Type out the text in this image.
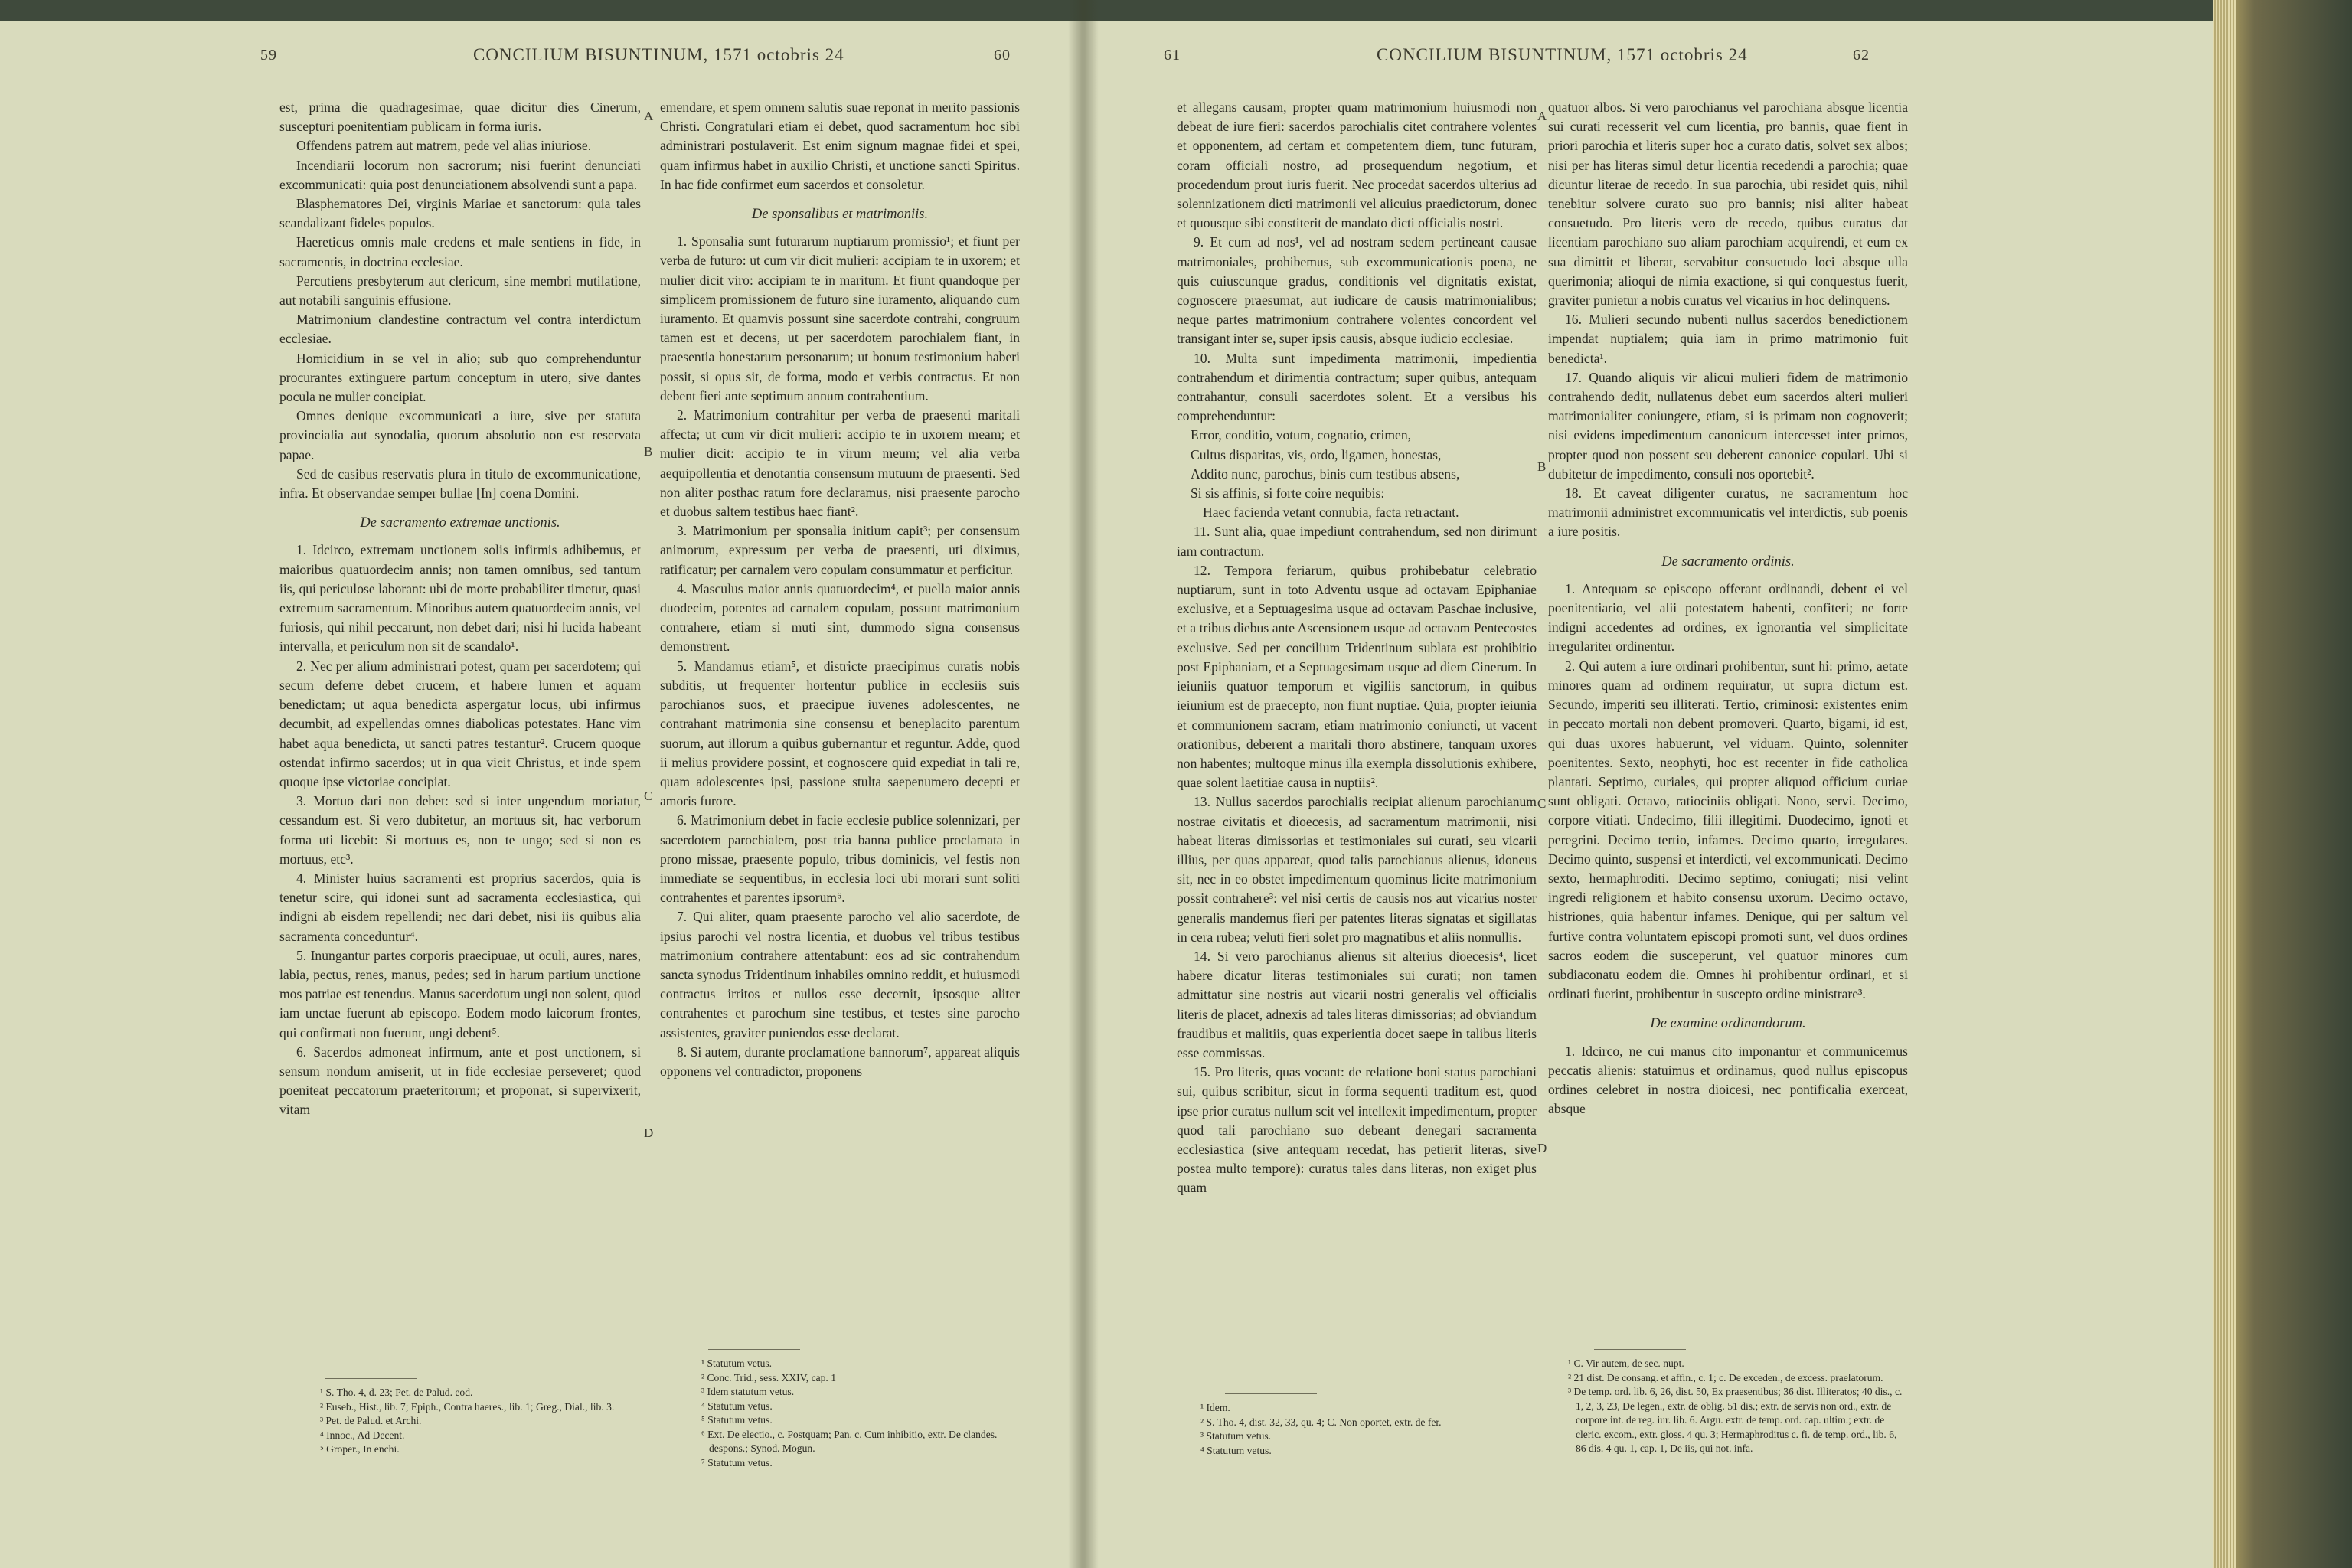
59	CONCILIUM BISUNTINUM, 1571 octobris 24	60	61	CONCILIUM BISUNTINUM, 1571 octobris 24	62

est, prima die quadragesimae, quae dicitur dies Cinerum, suscepturi poenitentiam publicam in forma iuris.

Offendens patrem aut matrem, pede vel alias iniuriose.

Incendiarii locorum non sacrorum; nisi fuerint denunciati excommunicati: quia post denunciationem absolvendi sunt a papa.

Blasphematores Dei, virginis Mariae et sanctorum: quia tales scandalizant fideles populos.

Haereticus omnis male credens et male sentiens in fide, in sacramentis, in doctrina ecclesiae.

Percutiens presbyterum aut clericum, sine membri mutilatione, aut notabili sanguinis effusione.

Matrimonium clandestine contractum vel contra interdictum ecclesiae.

Homicidium in se vel in alio; sub quo comprehenduntur procurantes extinguere partum conceptum in utero, sive dantes pocula ne mulier concipiat.

Omnes denique excommunicati a iure, sive per statuta provincialia aut synodalia, quorum absolutio non est reservata papae.

Sed de casibus reservatis plura in titulo de excommunicatione, infra. Et observandae semper bullae [In] coena Domini.

De sacramento extremae unctionis.

1. Idcirco, extremam unctionem solis infirmis adhibemus, et maioribus quatuordecim annis; non tamen omnibus, sed tantum iis, qui periculose laborant: ubi de morte probabiliter timetur, quasi extremum sacramentum. Minoribus autem quatuordecim annis, vel furiosis, qui nihil peccarunt, non debet dari; nisi hi lucida habeant intervalla, et periculum non sit de scandalo¹.

2. Nec per alium administrari potest, quam per sacerdotem; qui secum deferre debet crucem, et habere lumen et aquam benedictam; ut aqua benedicta aspergatur locus, ubi infirmus decumbit, ad expellendas omnes diabolicas potestates. Hanc vim habet aqua benedicta, ut sancti patres testantur². Crucem quoque ostendat infirmo sacerdos; ut in qua vicit Christus, et inde spem quoque ipse victoriae concipiat.

3. Mortuo dari non debet: sed si inter ungendum moriatur, cessandum est. Si vero dubitetur, an mortuus sit, hac verborum forma uti licebit: Si mortuus es, non te ungo; sed si non es mortuus, etc³.

4. Minister huius sacramenti est proprius sacerdos, quia is tenetur scire, qui idonei sunt ad sacramenta ecclesiastica, qui indigni ab eisdem repellendi; nec dari debet, nisi iis quibus alia sacramenta conceduntur⁴.

5. Inungantur partes corporis praecipuae, ut oculi, aures, nares, labia, pectus, renes, manus, pedes; sed in harum partium unctione mos patriae est tenendus. Manus sacerdotum ungi non solent, quod iam unctae fuerunt ab episcopo. Eodem modo laicorum frontes, qui confirmati non fuerunt, ungi debent⁵.

6. Sacerdos admoneat infirmum, ante et post unctionem, si sensum nondum amiserit, ut in fide ecclesiae perseveret; quod poeniteat peccatorum praeteritorum; et proponat, si supervixerit, vitam

emendare, et spem omnem salutis suae reponat in merito passionis Christi. Congratulari etiam ei debet, quod sacramentum hoc sibi administrari postulaverit. Est enim signum magnae fidei et spei, quam infirmus habet in auxilio Christi, et unctione sancti Spiritus. In hac fide confirmet eum sacerdos et consoletur.

De sponsalibus et matrimoniis.

1. Sponsalia sunt futurarum nuptiarum promissio¹; et fiunt per verba de futuro: ut cum vir dicit mulieri: accipiam te in uxorem; et mulier dicit viro: accipiam te in maritum. Et fiunt quandoque per simplicem promissionem de futuro sine iuramento, aliquando cum iuramento. Et quamvis possunt sine sacerdote contrahi, congruum tamen est et decens, ut per sacerdotem parochialem fiant, in praesentia honestarum personarum; ut bonum testimonium haberi possit, si opus sit, de forma, modo et verbis contractus. Et non debent fieri ante septimum annum contrahentium.

2. Matrimonium contrahitur per verba de praesenti maritali affecta; ut cum vir dicit mulieri: accipio te in uxorem meam; et mulier dicit: accipio te in virum meum; vel alia verba aequipollentia et denotantia consensum mutuum de praesenti. Sed non aliter posthac ratum fore declaramus, nisi praesente parocho et duobus saltem testibus haec fiant².

3. Matrimonium per sponsalia initium capit³; per consensum animorum, expressum per verba de praesenti, uti diximus, ratificatur; per carnalem vero copulam consummatur et perficitur.

4. Masculus maior annis quatuordecim⁴, et puella maior annis duodecim, potentes ad carnalem copulam, possunt matrimonium contrahere, etiam si muti sint, dummodo signa consensus demonstrent.

5. Mandamus etiam⁵, et districte praecipimus curatis nobis subditis, ut frequenter hortentur publice in ecclesiis suis parochianos suos, et praecipue iuvenes adolescentes, ne contrahant matrimonia sine consensu et beneplacito parentum suorum, aut illorum a quibus gubernantur et reguntur. Adde, quod ii melius providere possint, et cognoscere quid expediat in tali re, quam adolescentes ipsi, passione stulta saepenumero decepti et amoris furore.

6. Matrimonium debet in facie ecclesie publice solennizari, per sacerdotem parochialem, post tria banna publice proclamata in prono missae, praesente populo, tribus dominicis, vel festis non immediate se sequentibus, in ecclesia loci ubi morari sunt soliti contrahentes et parentes ipsorum⁶.

7. Qui aliter, quam praesente parocho vel alio sacerdote, de ipsius parochi vel nostra licentia, et duobus vel tribus testibus matrimonium contrahere attentabunt: eos ad sic contrahendum sancta synodus Tridentinum inhabiles omnino reddit, et huiusmodi contractus irritos et nullos esse decernit, ipsosque aliter contrahentes et parochum sine testibus, et testes sine parocho assistentes, graviter puniendos esse declarat.

8. Si autem, durante proclamatione bannorum⁷, appareat aliquis opponens vel contradictor, proponens

et allegans causam, propter quam matrimonium huiusmodi non debeat de iure fieri: sacerdos parochialis citet contrahere volentes et opponentem, ad certam et competentem diem, tunc futuram, coram officiali nostro, ad prosequendum negotium, et procedendum prout iuris fuerit. Nec procedat sacerdos ulterius ad solennizationem dicti matrimonii vel alicuius praedictorum, donec et quousque sibi constiterit de mandato dicti officialis nostri.

9. Et cum ad nos¹, vel ad nostram sedem pertineant causae matrimoniales, prohibemus, sub excommunicationis poena, ne quis cuiuscunque gradus, conditionis vel dignitatis existat, cognoscere praesumat, aut iudicare de causis matrimonialibus; neque partes matrimonium contrahere volentes concordent vel transigant inter se, super ipsis causis, absque iudicio ecclesiae.

10. Multa sunt impedimenta matrimonii, impedientia contrahendum et dirimentia contractum; super quibus, antequam contrahantur, consuli sacerdotes solent. Et a versibus his comprehenduntur:

Error, conditio, votum, cognatio, crimen,

Cultus disparitas, vis, ordo, ligamen, honestas,

Addito nunc, parochus, binis cum testibus absens,

Si sis affinis, si forte coire nequibis:

Haec facienda vetant connubia, facta retractant.

11. Sunt alia, quae impediunt contrahendum, sed non dirimunt iam contractum.

12. Tempora feriarum, quibus prohibebatur celebratio nuptiarum, sunt in toto Adventu usque ad octavam Epiphaniae exclusive, et a Septuagesima usque ad octavam Paschae inclusive, et a tribus diebus ante Ascensionem usque ad octavam Pentecostes exclusive. Sed per concilium Tridentinum sublata est prohibitio post Epiphaniam, et a Septuagesimam usque ad diem Cinerum. In ieiuniis quatuor temporum et vigiliis sanctorum, in quibus ieiunium est de praecepto, non fiunt nuptiae. Quia, propter ieiunia et communionem sacram, etiam matrimonio coniuncti, ut vacent orationibus, deberent a maritali thoro abstinere, tanquam uxores non habentes; multoque minus illa exempla dissolutionis exhibere, quae solent laetitiae causa in nuptiis².

13. Nullus sacerdos parochialis recipiat alienum parochianum nostrae civitatis et dioecesis, ad sacramentum matrimonii, nisi habeat literas dimissorias et testimoniales sui curati, seu vicarii illius, per quas appareat, quod talis parochianus alienus, idoneus sit, nec in eo obstet impedimentum quominus licite matrimonium possit contrahere³: vel nisi certis de causis nos aut vicarius noster generalis mandemus fieri per patentes literas signatas et sigillatas in cera rubea; veluti fieri solet pro magnatibus et aliis nonnullis.

14. Si vero parochianus alienus sit alterius dioecesis⁴, licet habere dicatur literas testimoniales sui curati; non tamen admittatur sine nostris aut vicarii nostri generalis vel officialis literis de placet, adnexis ad tales literas dimissorias; ad obviandum fraudibus et malitiis, quas experientia docet saepe in talibus literis esse commissas.

15. Pro literis, quas vocant: de relatione boni status parochiani sui, quibus scribitur, sicut in forma sequenti traditum est, quod ipse prior curatus nullum scit vel intellexit impedimentum, propter quod tali parochiano suo debeant denegari sacramenta ecclesiastica (sive antequam recedat, has petierit literas, sive postea multo tempore): curatus tales dans literas, non exiget plus quam

quatuor albos. Si vero parochianus vel parochiana absque licentia sui curati recesserit vel cum licentia, pro bannis, quae fient in priori parochia et literis super hoc a curato datis, solvet sex albos; nisi per has literas simul detur licentia recedendi a parochia; quae dicuntur literae de recedo. In sua parochia, ubi residet quis, nihil tenebitur solvere curato suo pro bannis; nisi aliter habeat consuetudo. Pro literis vero de recedo, quibus curatus dat licentiam parochiano suo aliam parochiam acquirendi, et eum ex sua dimittit et liberat, servabitur consuetudo loci absque ulla querimonia; alioqui de nimia exactione, si qui conquestus fuerit, graviter punietur a nobis curatus vel vicarius in hoc delinquens.

16. Mulieri secundo nubenti nullus sacerdos benedictionem impendat nuptialem; quia iam in primo matrimonio fuit benedicta¹.

17. Quando aliquis vir alicui mulieri fidem de matrimonio contrahendo dedit, nullatenus debet eum sacerdos alteri mulieri matrimonialiter coniungere, etiam, si is primam non cognoverit; nisi evidens impedimentum canonicum intercesset inter primos, propter quod non possent seu deberent canonice copulari. Ubi si dubitetur de impedimento, consuli nos oportebit².

18. Et caveat diligenter curatus, ne sacramentum hoc matrimonii administret excommunicatis vel interdictis, sub poenis a iure positis.

De sacramento ordinis.

1. Antequam se episcopo offerant ordinandi, debent ei vel poenitentiario, vel alii potestatem habenti, confiteri; ne forte indigni accedentes ad ordines, ex ignorantia vel simplicitate irregulariter ordinentur.

2. Qui autem a iure ordinari prohibentur, sunt hi: primo, aetate minores quam ad ordinem requiratur, ut supra dictum est. Secundo, imperiti seu illiterati. Tertio, criminosi: existentes enim in peccato mortali non debent promoveri. Quarto, bigami, id est, qui duas uxores habuerunt, vel viduam. Quinto, solenniter poenitentes. Sexto, neophyti, hoc est recenter in fide catholica plantati. Septimo, curiales, qui propter aliquod officium curiae sunt obligati. Octavo, ratiociniis obligati. Nono, servi. Decimo, corpore vitiati. Undecimo, filii illegitimi. Duodecimo, ignoti et peregrini. Decimo tertio, infames. Decimo quarto, irregulares. Decimo quinto, suspensi et interdicti, vel excommunicati. Decimo sexto, hermaphroditi. Decimo septimo, coniugati; nisi velint ingredi religionem et habito consensu uxorum. Decimo octavo, histriones, quia habentur infames. Denique, qui per saltum vel furtive contra voluntatem episcopi promoti sunt, vel duos ordines sacros eodem die susceperunt, vel quatuor minores cum subdiaconatu eodem die. Omnes hi prohibentur ordinari, et si ordinati fuerint, prohibentur in suscepto ordine ministrare³.

De examine ordinandorum.

1. Idcirco, ne cui manus cito imponantur et communicemus peccatis alienis: statuimus et ordinamus, quod nullus episcopus ordines celebret in nostra dioicesi, nec pontificalia exerceat, absque

A
B
C
D
A
B
C
D
¹ S. Tho. 4, d. 23; Pet. de Palud. eod.
² Euseb., Hist., lib. 7; Epiph., Contra haeres., lib. 1; Greg., Dial., lib. 3.
³ Pet. de Palud. et Archi.
⁴ Innoc., Ad Decent.
⁵ Groper., In enchi.
¹ Statutum vetus.
² Conc. Trid., sess. XXIV, cap. 1
³ Idem statutum vetus.
⁴ Statutum vetus.
⁵ Statutum vetus.
⁶ Ext. De electio., c. Postquam; Pan. c. Cum inhibitio, extr. De clandes. despons.; Synod. Mogun.
⁷ Statutum vetus.
¹ Idem.
² S. Tho. 4, dist. 32, 33, qu. 4; C. Non oportet, extr. de fer.
³ Statutum vetus.
⁴ Statutum vetus.
¹ C. Vir autem, de sec. nupt.
² 21 dist. De consang. et affin., c. 1; c. De exceden., de excess. praelatorum.
³ De temp. ord. lib. 6, 26, dist. 50, Ex praesentibus; 36 dist. Illiteratos; 40 dis., c. 1, 2, 3, 23, De legen., extr. de oblig. 51 dis.; extr. de servis non ord., extr. de corpore int. de reg. iur. lib. 6. Argu. extr. de temp. ord. cap. ultim.; extr. de cleric. excom., extr. gloss. 4 qu. 3; Hermaphroditus c. fi. de temp. ord., lib. 6, 86 dis. 4 qu. 1, cap. 1, De iis, qui not. infa.
